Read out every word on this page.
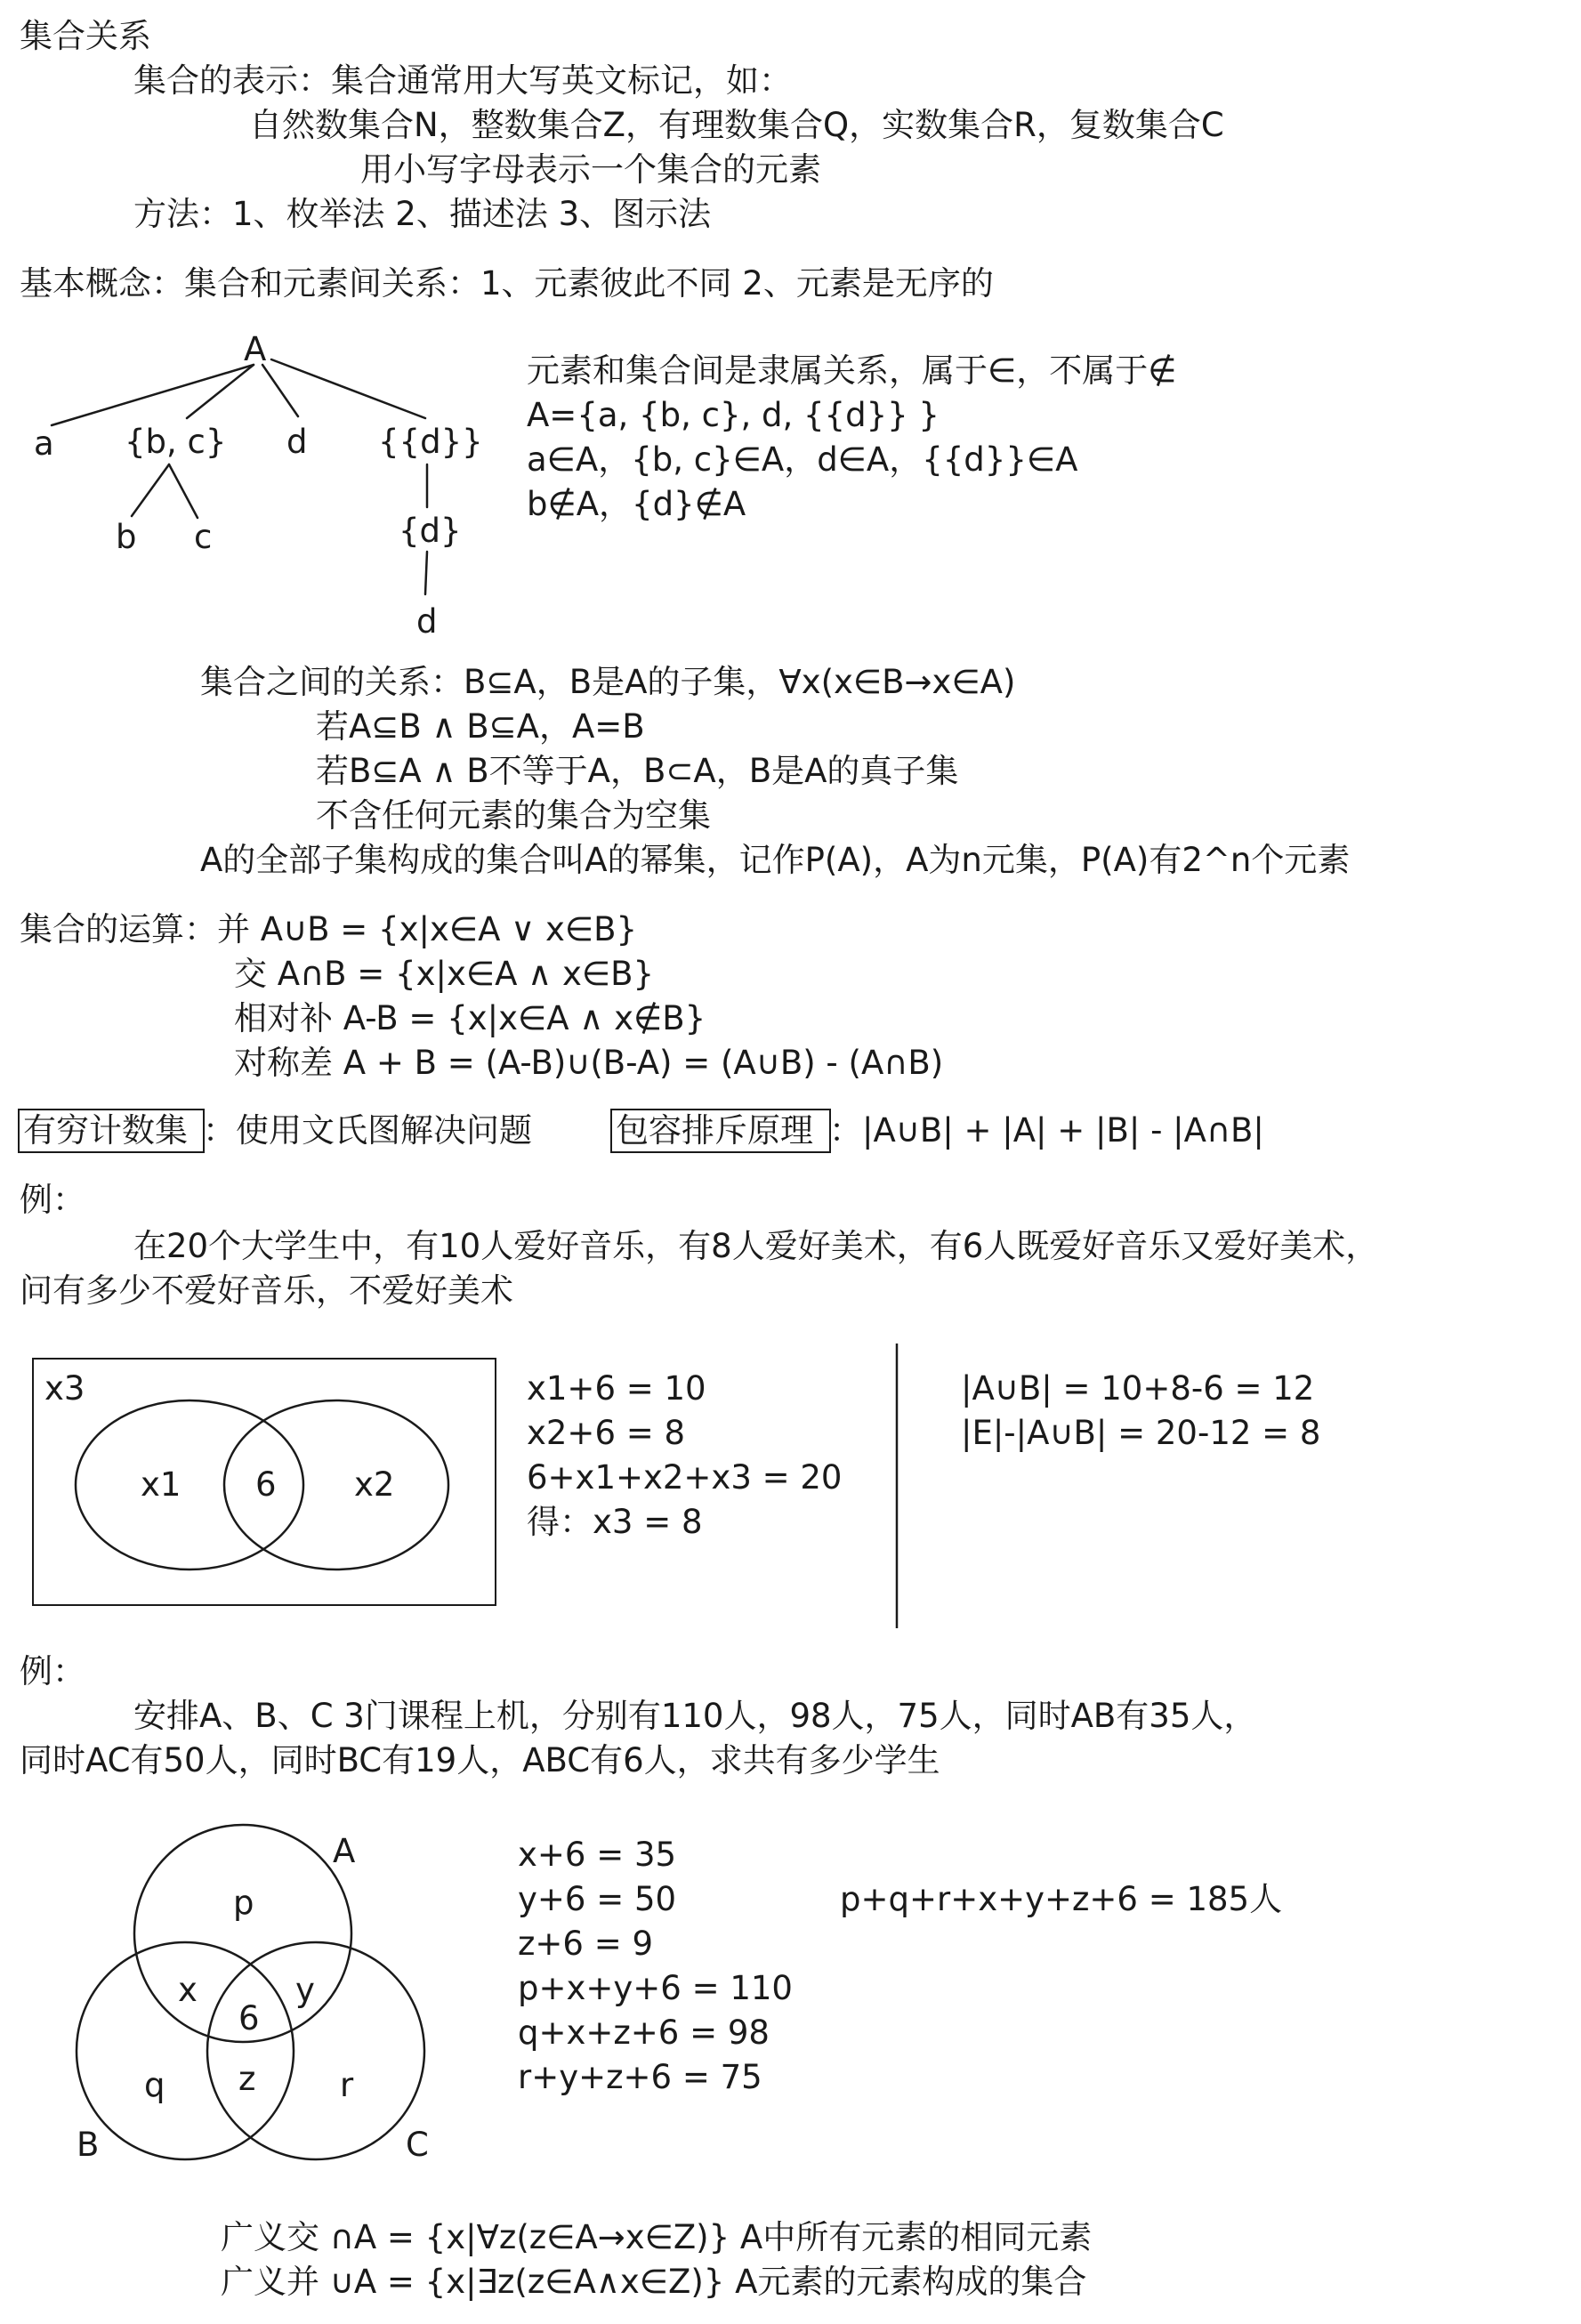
集合关系
集合的表示：集合通常用大写英文标记，如：
自然数集合N，整数集合Z，有理数集合Q，实数集合R，复数集合C
用小写字母表示一个集合的元素
方法：1、枚举法 2、描述法 3、图示法
基本概念：集合和元素间关系：1、元素彼此不同 2、元素是无序的
A
a {b, c} d {{d}}
b c	{d}
d
元素和集合间是隶属关系，属于∈，不属于∉
A={a, {b, c}, d, {{d}} }
a∈A，{b, c}∈A，d∈A，{{d}}∈A
b∉A，{d}∉A
集合之间的关系：B⊆A，B是A的子集，∀x(x∈B→x∈A)
若A⊆B ∧ B⊆A，A=B
若B⊆A ∧ B不等于A，B⊂A，B是A的真子集
不含任何元素的集合为空集
A的全部子集构成的集合叫A的幂集，记作P(A)，A为n元集，P(A)有2^n个元素
集合的运算：并 A∪B = {x|x∈A ∨ x∈B}
交 A∩B = {x|x∈A ∧ x∈B}
相对补 A-B = {x|x∈A ∧ x∉B}
对称差 A + B = (A-B)∪(B-A) = (A∪B) - (A∩B)
有穷计数集 ：使用文氏图解决问题	包容排斥原理 ：|A∪B| + |A| + |B| - |A∩B|
例：
在20个大学生中，有10人爱好音乐，有8人爱好美术，有6人既爱好音乐又爱好美术，
问有多少不爱好音乐，不爱好美术
x3
x1 6 x2
x1+6 = 10
x2+6 = 8
6+x1+x2+x3 = 20
得：x3 = 8
|A∪B| = 10+8-6 = 12
|E|-|A∪B| = 20-12 = 8
例：
安排A、B、C 3门课程上机，分别有110人，98人，75人，同时AB有35人，
同时AC有50人，同时BC有19人，ABC有6人，求共有多少学生
A
B	C
p
x	y
6
q z	r
x+6 = 35
y+6 = 50
z+6 = 9
p+x+y+6 = 110
q+x+z+6 = 98
r+y+z+6 = 75
p+q+r+x+y+z+6 = 185人
广义交 ∩A = {x|∀z(z∈A→x∈Z)} A中所有元素的相同元素
广义并 ∪A = {x|∃z(z∈A∧x∈Z)} A元素的元素构成的集合
